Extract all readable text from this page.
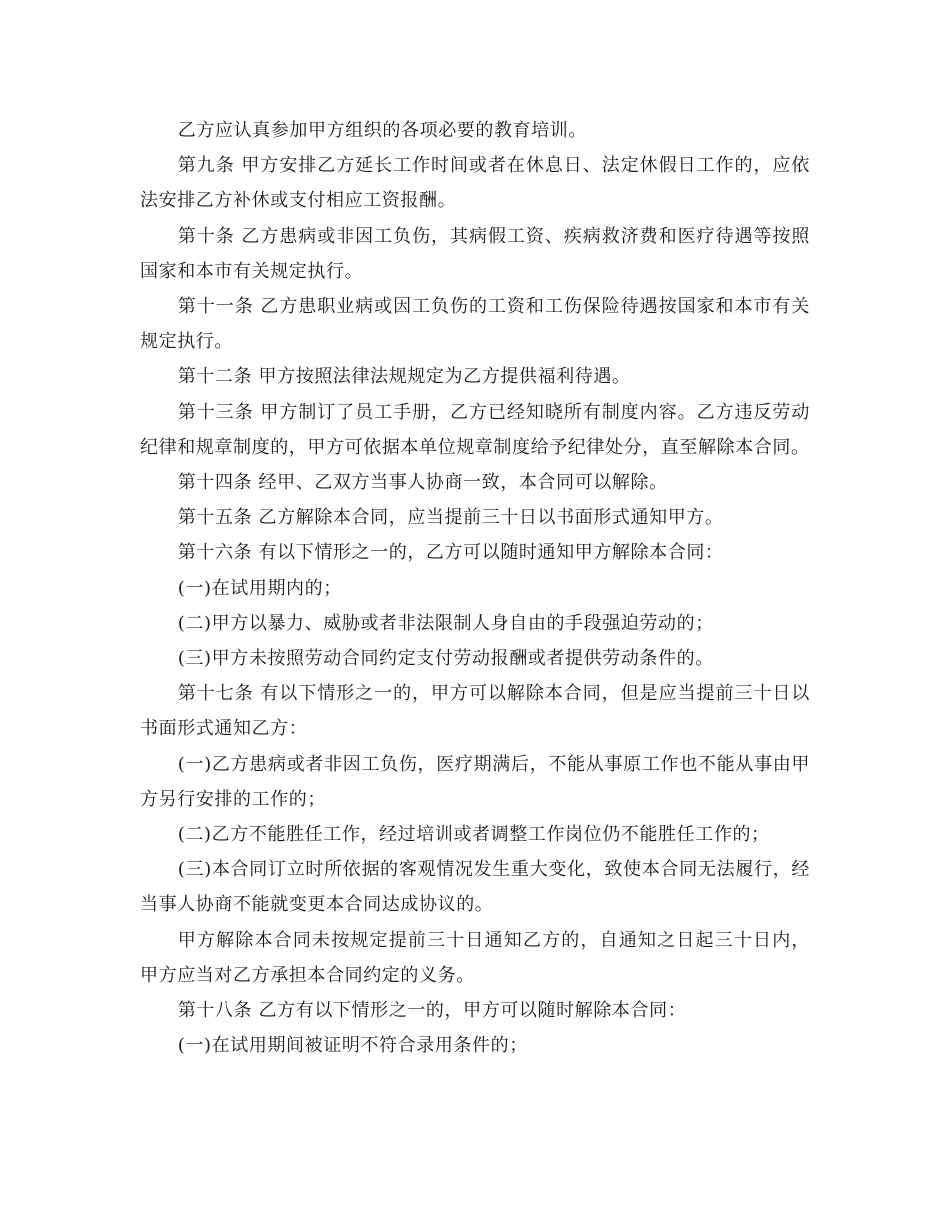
乙方应认真参加甲方组织的各项必要的教育培训。

第九条 甲方安排乙方延长工作时间或者在休息日、法定休假日工作的，应依法安排乙方补休或支付相应工资报酬。

第十条 乙方患病或非因工负伤，其病假工资、疾病救济费和医疗待遇等按照国家和本市有关规定执行。

第十一条 乙方患职业病或因工负伤的工资和工伤保险待遇按国家和本市有关规定执行。

第十二条 甲方按照法律法规规定为乙方提供福利待遇。

第十三条 甲方制订了员工手册，乙方已经知晓所有制度内容。乙方违反劳动纪律和规章制度的，甲方可依据本单位规章制度给予纪律处分，直至解除本合同。

第十四条 经甲、乙双方当事人协商一致，本合同可以解除。

第十五条 乙方解除本合同，应当提前三十日以书面形式通知甲方。

第十六条 有以下情形之一的，乙方可以随时通知甲方解除本合同：

(一)在试用期内的；

(二)甲方以暴力、威胁或者非法限制人身自由的手段强迫劳动的；

(三)甲方未按照劳动合同约定支付劳动报酬或者提供劳动条件的。

第十七条 有以下情形之一的，甲方可以解除本合同，但是应当提前三十日以书面形式通知乙方：

(一)乙方患病或者非因工负伤，医疗期满后，不能从事原工作也不能从事由甲方另行安排的工作的；

(二)乙方不能胜任工作，经过培训或者调整工作岗位仍不能胜任工作的；

(三)本合同订立时所依据的客观情况发生重大变化，致使本合同无法履行，经当事人协商不能就变更本合同达成协议的。

甲方解除本合同未按规定提前三十日通知乙方的，自通知之日起三十日内，甲方应当对乙方承担本合同约定的义务。

第十八条 乙方有以下情形之一的，甲方可以随时解除本合同：

(一)在试用期间被证明不符合录用条件的；
